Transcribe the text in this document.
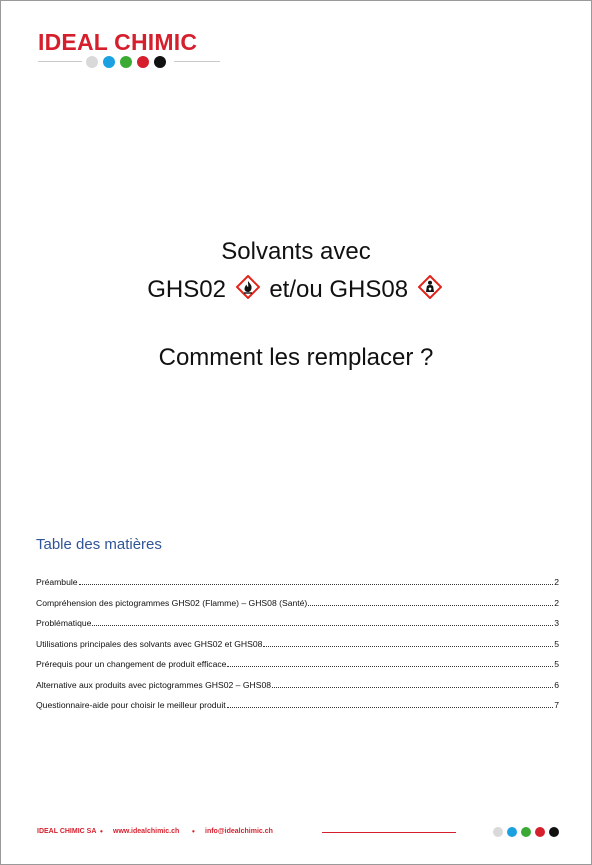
IDEAL CHIMIC
Solvants avec
GHS02 et/ou GHS08
Comment les remplacer ?
Table des matières
Préambule	2
Compréhension des pictogrammes GHS02 (Flamme) – GHS08 (Santé)	2
Problématique	3
Utilisations principales des solvants avec GHS02 et GHS08	5
Prérequis pour un changement de produit efficace	5
Alternative aux produits avec pictogrammes GHS02 – GHS08	6
Questionnaire-aide pour choisir le meilleur produit	7
IDEAL CHIMIC SA • www.idealchimic.ch • info@idealchimic.ch
